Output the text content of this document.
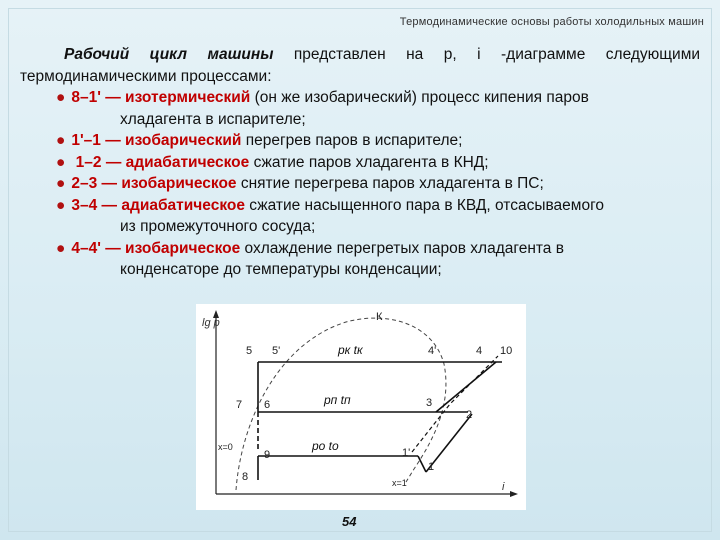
Термодинамические основы работы холодильных машин

Рабочий цикл машины представлен на p, i -диаграмме следующими термодинамическими процессами:

● 8–1' — изотермический (он же изобарический) процесс кипения паров
хладагента в испарителе;
● 1'–1 — изобарический перегрев паров в испарителе;
● 1–2 — адиабатическое сжатие паров хладагента в КНД;
● 2–3 — изобарическое снятие перегрева паров хладагента в ПС;
● 3–4 — адиабатическое сжатие насыщенного пара в КВД, отсасываемого
из промежуточного сосуда;
● 4–4' — изобарическое охлаждение перегретых паров хладагента в
конденсаторе до температуры конденсации;
lg p
i
К
5 5'	4'	4 10
7 6	3
2
9
8
1'
1
x=0
x=1
pк tк
pп tп
pо tо
54
